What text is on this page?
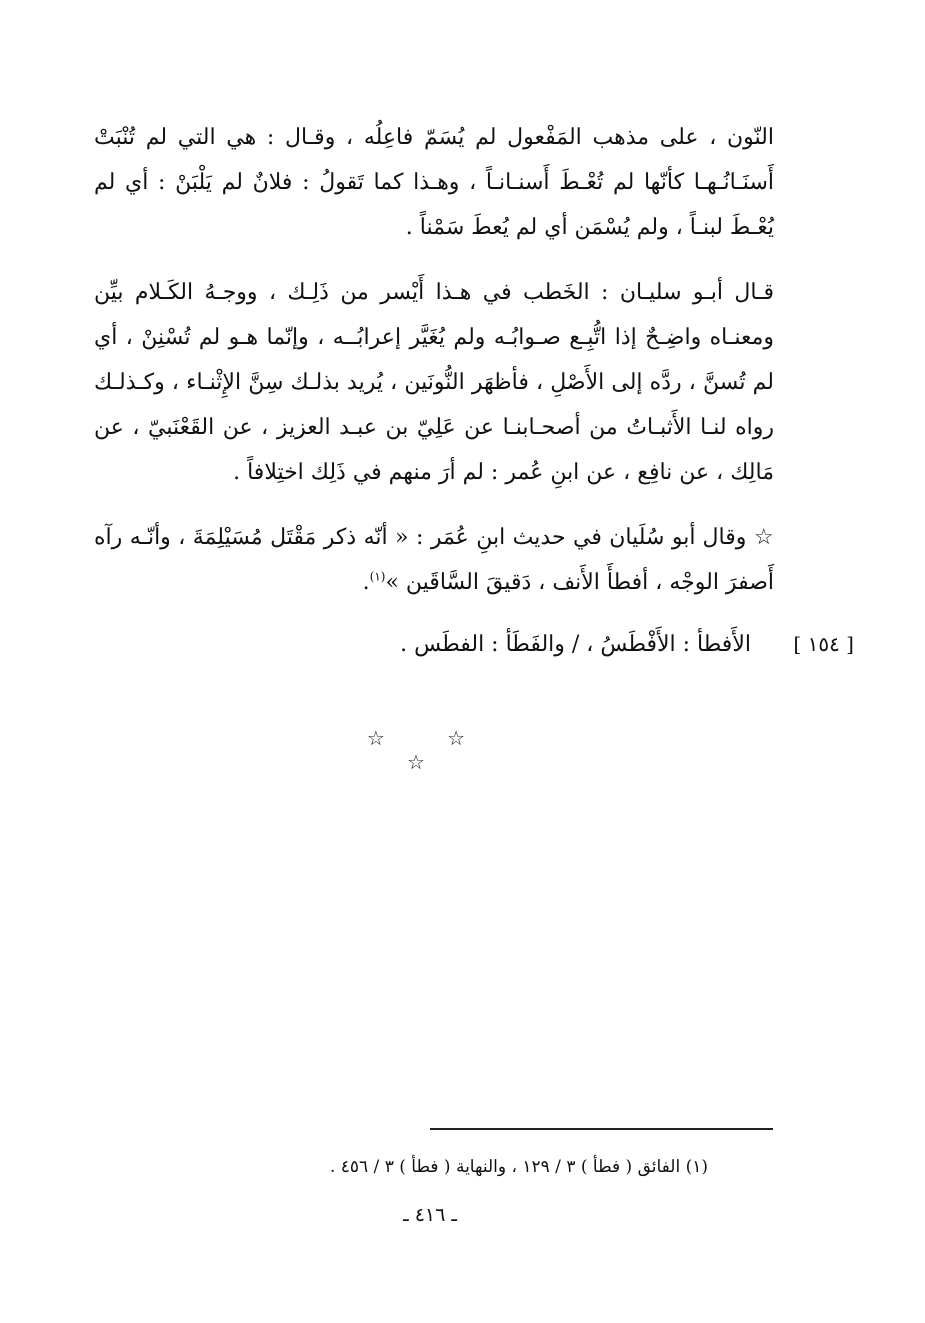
النّون ، على مذهب المَفْعول لم يُسَمّ فاعِلُه ، وقـال : هي التي لم تُنْبَتْ أَسنَـانُـهـا كأنّها لم تُعْـطَ أَسنـانـاً ، وهـذا كما تَقولُ : فلانٌ لم يَلْبَنْ : أي لم يُعْـطَ لبنـاً ، ولم يُسْمَن أي لم يُعطَ سَمْناً .
قـال أبـو سليـان : الخَطب في هـذا أَيْسر من ذَلِـك ، ووجـهُ الكَـلام بيِّن ومعنـاه واضِـحٌ إذا اتُّبِـع صـوابُـه ولم يُغَيَّر إعرابُــه ، وإنّما هـو لم تُسْنِنْ ، أي لم تُسنَّ ، ردَّه إلى الأَصْلِ ، فأظهَر النُّونَين ، يُريد بذلـك سِنَّ الإِثْنـاء ، وكـذلـك رواه لنـا الأَثبـاتُ من أصحـابنـا عن عَلِيّ بن عبـد العزيز ، عن القَعْنَبيّ ، عن مَالِك ، عن نافِع ، عن ابنِ عُمر : لم أرَ منهم في ذَلِك اختِلافاً .
☆ وقال أبو سُلَيان في حديث ابنِ عُمَر : « أنّه ذكر مَقْتَل مُسَيْلِمَةَ ، وأنّـه رآه أَصفرَ الوجْه ، أفطأَ الأَنف ، دَقيقَ السَّاقَين »$^{(١)}$.
[ ١٥٤ ]
الأَفطأ : الأَفْطَسُ ، / والفَطَأ : الفطَس .
☆ ☆ ☆
(١) الفائق ( فطأ ) ٣ / ١٢٩ ، والنهاية ( فطأ ) ٣ / ٤٥٦ .
ـ ٤١٦ ـ
